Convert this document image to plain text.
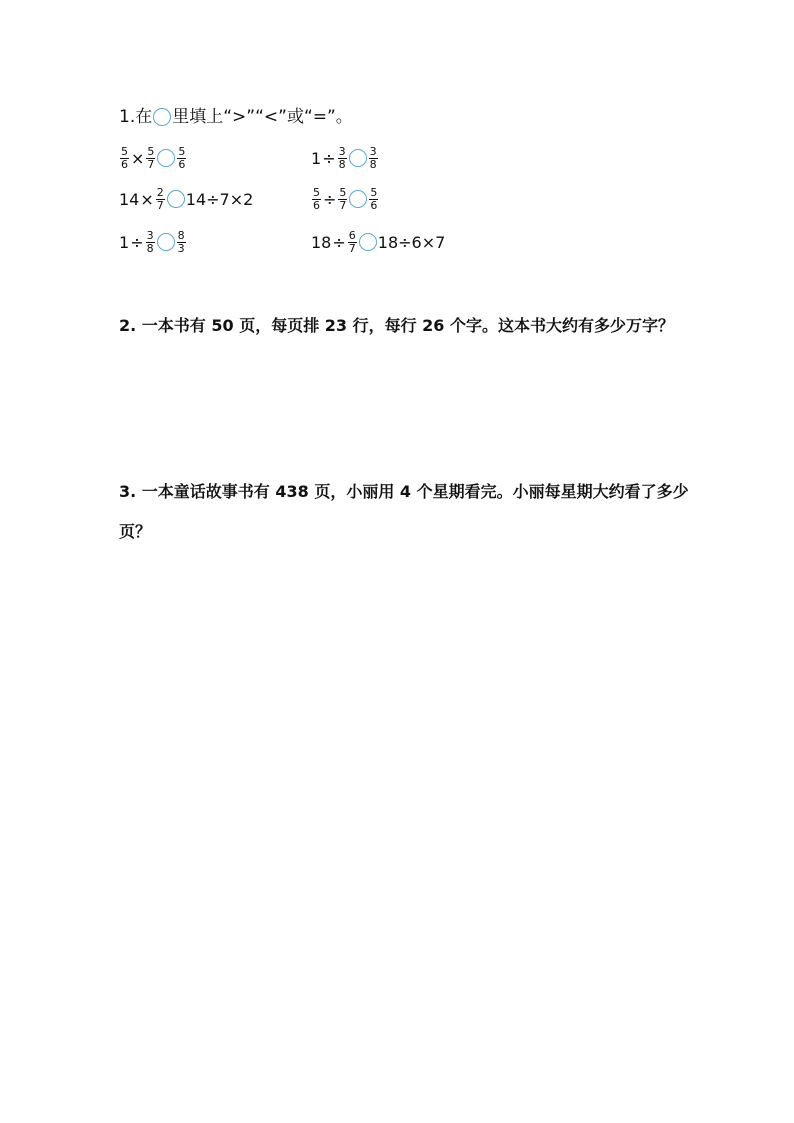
1.在 里填上“>”“<”或“=”。
$\frac{5}{6} \times \frac{5}{7} \frac{5}{6}$	$1 \div \frac{3}{8} \frac{3}{8}$
$14 \times \frac{2}{7} 14\div 7\times 2$	$\frac{5}{6} \div \frac{5}{7} \frac{5}{6}$
$1 \div \frac{3}{8} \frac{8}{3}$	$18 \div \frac{6}{7} 18\div 6\times 7$
2. 一本书有 50 页，每页排 23 行，每行 26 个字。这本书大约有多少万字？
3. 一本童话故事书有 438 页，小丽用 4 个星期看完。小丽每星期大约看了多少页？
